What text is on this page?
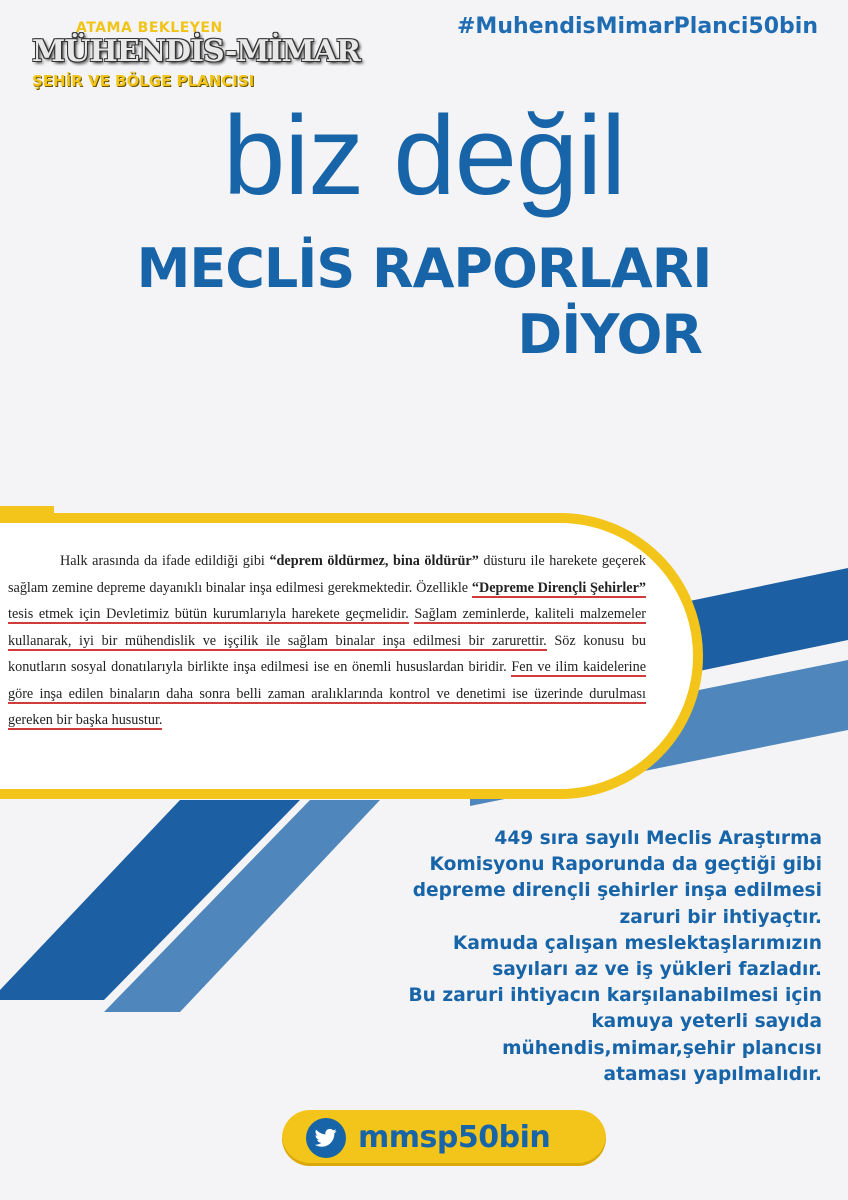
ATAMA BEKLEYEN
MÜHENDİS-MİMAR
ŞEHİR VE BÖLGE PLANCISI
#MuhendisMimarPlanci50bin
biz değil
MECLİS RAPORLARI
DİYOR

Halk arasında da ifade edildiği gibi “deprem öldürmez, bina öldürür” düsturu ile harekete geçerek sağlam zemine depreme dayanıklı binalar inşa edilmesi gerekmektedir. Özellikle “Depreme Dirençli Şehirler” tesis etmek için Devletimiz bütün kurumlarıyla harekete geçmelidir. Sağlam zeminlerde, kaliteli malzemeler kullanarak, iyi bir mühendislik ve işçilik ile sağlam binalar inşa edilmesi bir zarurettir. Söz konusu bu konutların sosyal donatılarıyla birlikte inşa edilmesi ise en önemli hususlardan biridir. Fen ve ilim kaidelerine göre inşa edilen binaların daha sonra belli zaman aralıklarında kontrol ve denetimi ise üzerinde durulması gereken bir başka husustur.

449 sıra sayılı Meclis Araştırma
Komisyonu Raporunda da geçtiği gibi
depreme dirençli şehirler inşa edilmesi
zaruri bir ihtiyaçtır.
Kamuda çalışan meslektaşlarımızın
sayıları az ve iş yükleri fazladır.
Bu zaruri ihtiyacın karşılanabilmesi için
kamuya yeterli sayıda
mühendis,mimar,şehir plancısı
ataması yapılmalıdır.
mmsp50bin
